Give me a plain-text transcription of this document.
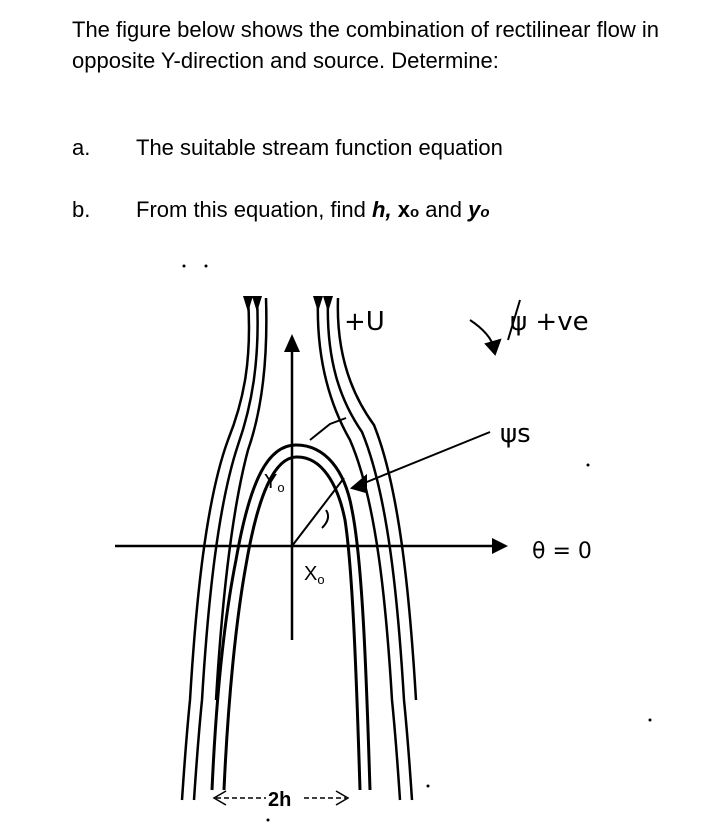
The figure below shows the combination of rectilinear flow in opposite Y-direction and source. Determine:
a. The suitable stream function equation
b. From this equation, find h, xo and yo
2h
+U	ψ +ve
ψs
θ = 0
$Y_o$
$X_o$
